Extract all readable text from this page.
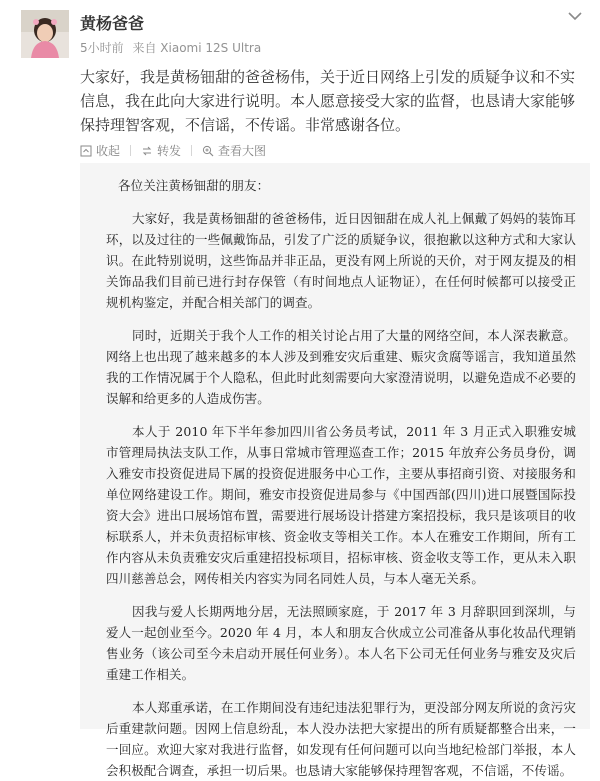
黄杨爸爸
5小时前 来自 Xiaomi 12S Ultra
大家好，我是黄杨钿甜的爸爸杨伟，关于近日网络上引发的质疑争议和不实信息，我在此向大家进行说明。本人愿意接受大家的监督，也恳请大家能够保持理智客观，不信谣，不传谣。非常感谢各位。
收起	转发	查看大图
各位关注黄杨钿甜的朋友：
大家好，我是黄杨钿甜的爸爸杨伟，近日因钿甜在成人礼上佩戴了妈妈的装饰耳环，以及过往的一些佩戴饰品，引发了广泛的质疑争议，很抱歉以这种方式和大家认识。在此特别说明，这些饰品并非正品，更没有网上所说的天价，对于网友提及的相关饰品我们目前已进行封存保管（有时间地点人证物证），在任何时候都可以接受正规机构鉴定，并配合相关部门的调查。
同时，近期关于我个人工作的相关讨论占用了大量的网络空间，本人深表歉意。网络上也出现了越来越多的本人涉及到雅安灾后重建、赈灾贪腐等谣言，我知道虽然我的工作情况属于个人隐私，但此时此刻需要向大家澄清说明，以避免造成不必要的误解和给更多的人造成伤害。
本人于 2010 年下半年参加四川省公务员考试，2011 年 3 月正式入职雅安城市管理局执法支队工作，从事日常城市管理巡查工作；2015 年放弃公务员身份，调入雅安市投资促进局下属的投资促进服务中心工作，主要从事招商引资、对接服务和单位网络建设工作。期间，雅安市投资促进局参与《中国西部(四川)进口展暨国际投资大会》进出口展场馆布置，需要进行展场设计搭建方案招投标，我只是该项目的收标联系人，并未负责招标审核、资金收支等相关工作。本人在雅安工作期间，所有工作内容从未负责雅安灾后重建招投标项目，招标审核、资金收支等工作，更从未入职四川慈善总会，网传相关内容实为同名同姓人员，与本人毫无关系。
因我与爱人长期两地分居，无法照顾家庭，于 2017 年 3 月辞职回到深圳，与爱人一起创业至今。2020 年 4 月，本人和朋友合伙成立公司准备从事化妆品代理销售业务（该公司至今未启动开展任何业务）。本人名下公司无任何业务与雅安及灾后重建工作相关。
本人郑重承诺，在工作期间没有违纪违法犯罪行为，更没部分网友所说的贪污灾后重建款问题。因网上信息纷乱，本人没办法把大家提出的所有质疑都整合出来，一一回应。欢迎大家对我进行监督，如发现有任何问题可以向当地纪检部门举报，本人会积极配合调查，承担一切后果。也恳请大家能够保持理智客观，不信谣，不传谣。
